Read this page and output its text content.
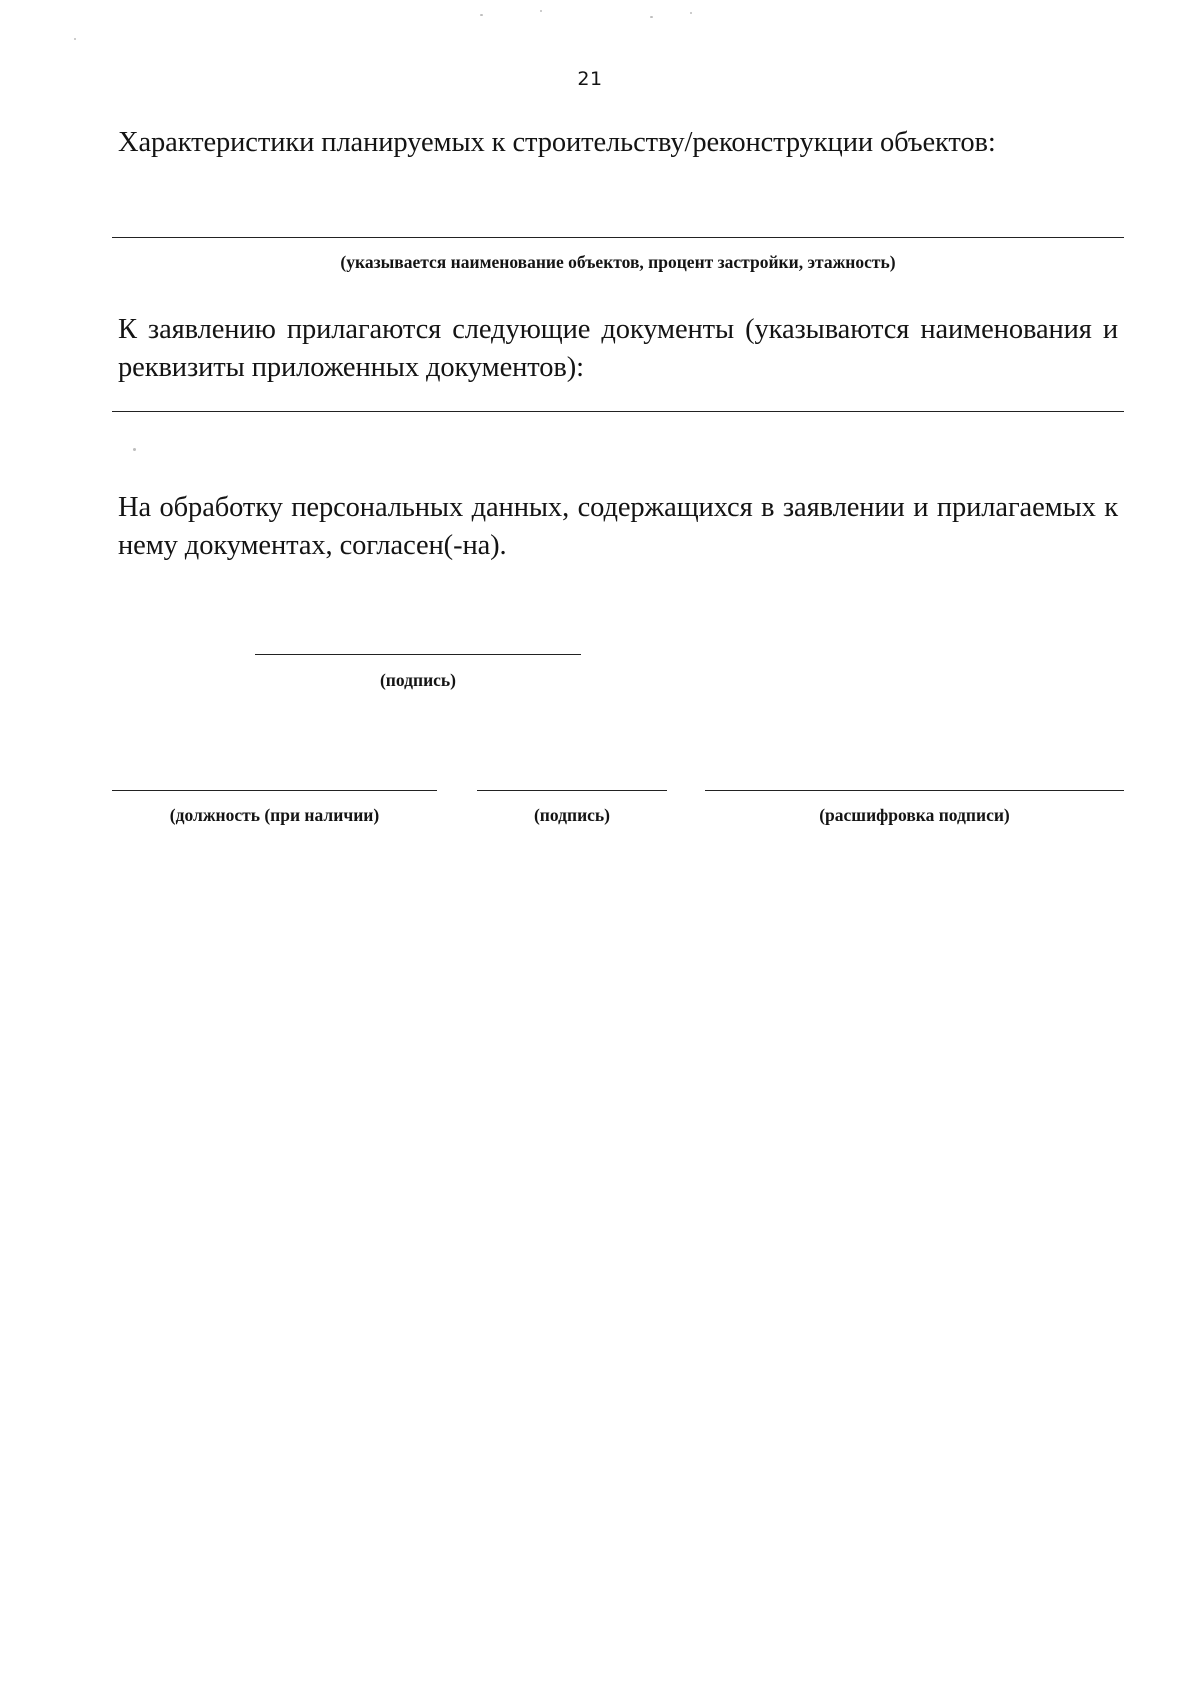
21
Характеристики планируемых к строительству/реконструкции объектов:
(указывается наименование объектов, процент застройки, этажность)
К заявлению прилагаются следующие документы (указываются наименования и реквизиты приложенных документов):
На обработку персональных данных, содержащихся в заявлении и прилагаемых к нему документах, согласен(-на).
(подпись)
(должность (при наличии)	(подпись)	(расшифровка подписи)
